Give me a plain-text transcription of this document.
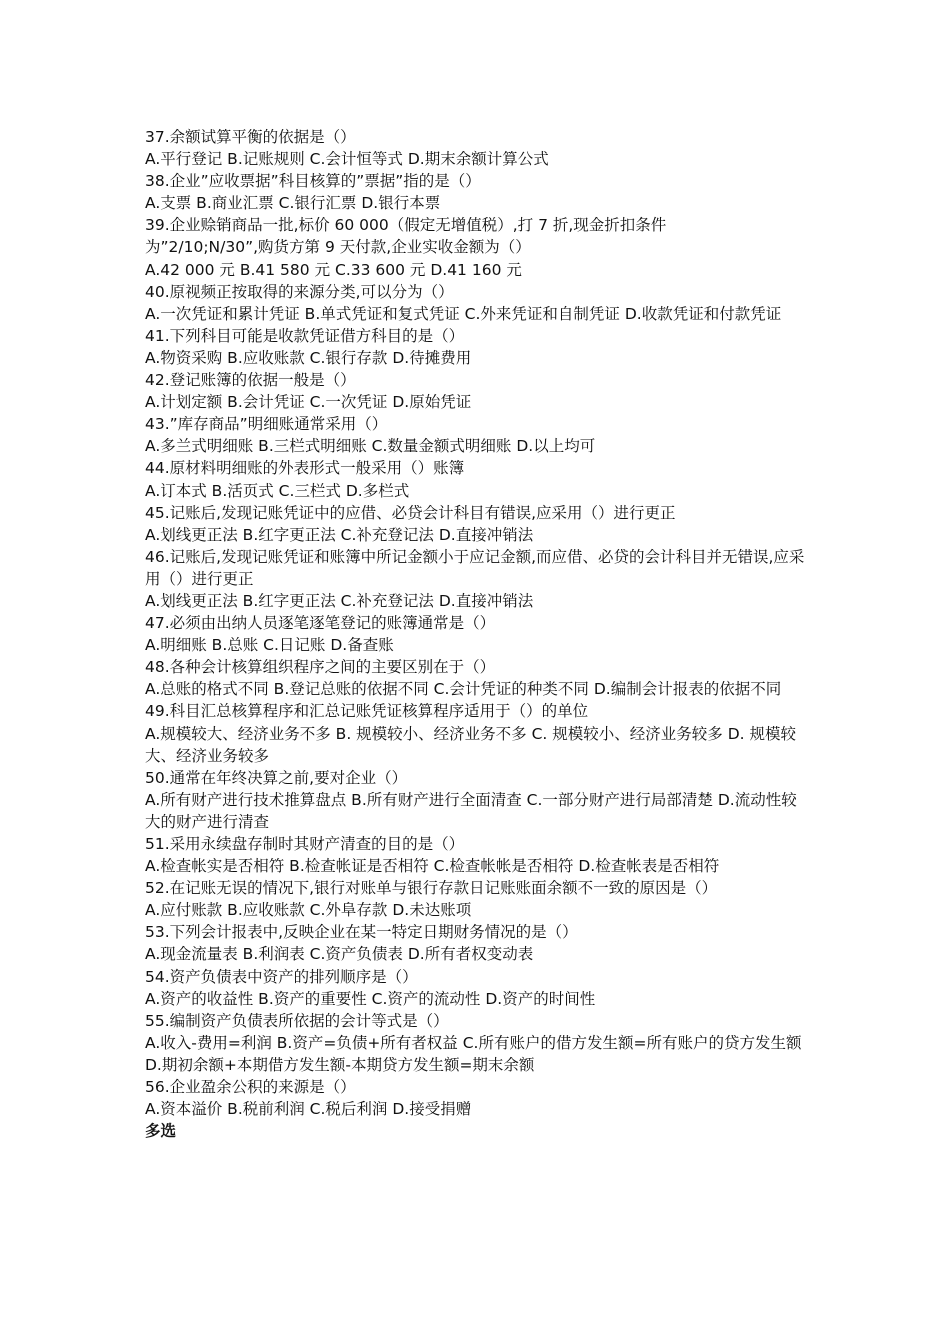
37.余额试算平衡的依据是（）
A.平行登记 B.记账规则 C.会计恒等式 D.期末余额计算公式
38.企业”应收票据”科目核算的”票据”指的是（）
A.支票 B.商业汇票 C.银行汇票 D.银行本票
39.企业赊销商品一批,标价 60 000（假定无增值税）,打 7 折,现金折扣条件
为”2/10;N/30”,购货方第 9 天付款,企业实收金额为（）
A.42 000 元 B.41 580 元 C.33 600 元 D.41 160 元
40.原视频正按取得的来源分类,可以分为（）
A.一次凭证和累计凭证 B.单式凭证和复式凭证 C.外来凭证和自制凭证 D.收款凭证和付款凭证
41.下列科目可能是收款凭证借方科目的是（）
A.物资采购 B.应收账款 C.银行存款 D.待摊费用
42.登记账簿的依据一般是（）
A.计划定额 B.会计凭证 C.一次凭证 D.原始凭证
43.”库存商品”明细账通常采用（）
A.多兰式明细账 B.三栏式明细账 C.数量金额式明细账 D.以上均可
44.原材料明细账的外表形式一般采用（）账簿
A.订本式 B.活页式 C.三栏式 D.多栏式
45.记账后,发现记账凭证中的应借、必贷会计科目有错误,应采用（）进行更正
A.划线更正法 B.红字更正法 C.补充登记法 D.直接冲销法
46.记账后,发现记账凭证和账簿中所记金额小于应记金额,而应借、必贷的会计科目并无错误,应采用（）进行更正
A.划线更正法 B.红字更正法 C.补充登记法 D.直接冲销法
47.必须由出纳人员逐笔逐笔登记的账簿通常是（）
A.明细账 B.总账 C.日记账 D.备查账
48.各种会计核算组织程序之间的主要区别在于（）
A.总账的格式不同 B.登记总账的依据不同 C.会计凭证的种类不同 D.编制会计报表的依据不同
49.科目汇总核算程序和汇总记账凭证核算程序适用于（）的单位
A.规模较大、经济业务不多 B. 规模较小、经济业务不多 C. 规模较小、经济业务较多 D. 规模较大、经济业务较多
50.通常在年终决算之前,要对企业（）
A.所有财产进行技术推算盘点 B.所有财产进行全面清查 C.一部分财产进行局部清楚 D.流动性较大的财产进行清查
51.采用永续盘存制时其财产清查的目的是（）
A.检查帐实是否相符 B.检查帐证是否相符 C.检查帐帐是否相符 D.检查帐表是否相符
52.在记账无误的情况下,银行对账单与银行存款日记账账面余额不一致的原因是（）
A.应付账款 B.应收账款 C.外阜存款 D.未达账项
53.下列会计报表中,反映企业在某一特定日期财务情况的是（）
A.现金流量表 B.利润表 C.资产负债表 D.所有者权变动表
54.资产负债表中资产的排列顺序是（）
A.资产的收益性 B.资产的重要性 C.资产的流动性 D.资产的时间性
55.编制资产负债表所依据的会计等式是（）
A.收入-费用=利润 B.资产=负债+所有者权益 C.所有账户的借方发生额=所有账户的贷方发生额
D.期初余额+本期借方发生额-本期贷方发生额=期末余额
56.企业盈余公积的来源是（）
A.资本溢价 B.税前利润 C.税后利润 D.接受捐赠
多选
